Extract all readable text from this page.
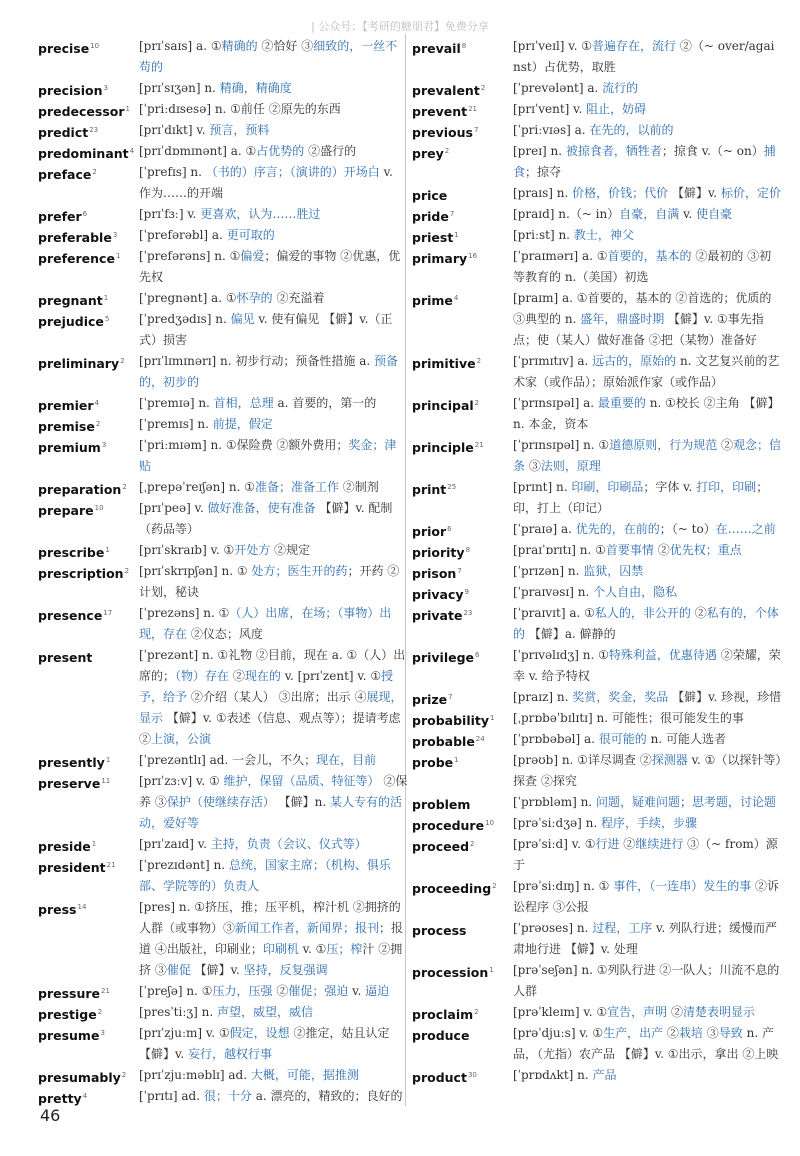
| 公众号：【考研的糖朋君】免费分享
precise$^{10}$	[prɪˈsaɪs] a. ①精确的 ②恰好 ③细致的，一丝不苟的
precision$^3$	[prɪˈsɪʒən] n. 精确，精确度
predecessor$^1$ [ˈpriːdɪsesə] n. ①前任 ②原先的东西
predict$^{23}$	[prɪˈdɪkt] v. 预言，预料
predominant$^4$ [prɪˈdɒmɪnənt] a. ①占优势的 ②盛行的
preface$^2$	[ˈprefɪs] n. （书的）序言；（演讲的）开场白 v. 作为……的开端
prefer$^6$	[prɪˈfɜː] v. 更喜欢，认为……胜过
preferable$^3$	[ˈprefərəbl] a. 更可取的
preference$^1$	[ˈprefərəns] n. ①偏爱；偏爱的事物 ②优惠，优先权
pregnant$^1$	[ˈpregnənt] a. ①怀孕的 ②充溢着
prejudice$^5$	[ˈpredʒədɪs] n. 偏见 v. 使有偏见 【僻】v.（正式）损害
preliminary$^2$	[prɪˈlɪmɪnərɪ] n. 初步行动；预备性措施 a. 预备的，初步的
premier$^4$	[ˈpremɪə] n. 首相，总理 a. 首要的，第一的
premise$^2$	[ˈpremɪs] n. 前提，假定
premium$^3$	[ˈpriːmɪəm] n. ①保险费 ②额外费用；奖金；津贴
preparation$^2$	[ˌprepəˈreɪʃən] n. ①准备；准备工作 ②制剂
prepare$^{10}$	[prɪˈpeə] v. 做好准备，使有准备 【僻】v. 配制（药品等）
prescribe$^1$	[prɪˈskraɪb] v. ①开处方 ②规定
prescription$^2$ [prɪˈskrɪpʃən] n. ① 处方；医生开的药；开药 ②计划，秘诀
presence$^{17}$	[ˈprezəns] n. ①（人）出席，在场；（事物）出现，存在 ②仪态；风度
present	[ˈprezənt] n. ①礼物 ②目前，现在 a. ①（人）出席的；（物）存在 ②现在的 v. [prɪˈzent] v. ①授予，给予 ②介绍（某人） ③出席；出示 ④展现，显示 【僻】v. ①表述（信息、观点等）；提请考虑 ②上演，公演
presently$^1$	[ˈprezəntlɪ] ad. 一会儿，不久；现在，目前
preserve$^{11}$	[prɪˈzɜːv] v. ① 维护，保留（品质、特征等） ②保养 ③保护（使继续存活） 【僻】n. 某人专有的活动，爱好等
preside$^1$	[prɪˈzaɪd] v. 主持，负责（会议、仪式等）
president$^{21}$	[ˈprezɪdənt] n. 总统，国家主席；（机构、俱乐部、学院等的）负责人
press$^{14}$	[pres] n. ①挤压，推；压平机，榨汁机 ②拥挤的人群（或事物）③新闻工作者，新闻界；报刊；报道 ④出版社，印刷业；印刷机 v. ①压；榨汁 ②拥挤 ③催促 【僻】v. 坚持，反复强调
pressure$^{21}$	[ˈpreʃə] n. ①压力，压强 ②催促；强迫 v. 逼迫
prestige$^2$	[presˈtiːʒ] n. 声望，威望，威信
presume$^3$	[prɪˈzjuːm] v. ①假定，设想 ②推定，姑且认定 【僻】v. 妄行，越权行事
presumably$^2$	[prɪˈzjuːməblɪ] ad. 大概，可能，据推测
pretty$^4$	[ˈprɪtɪ] ad. 很；十分 a. 漂亮的，精致的；良好的
prevail$^8$	[prɪˈveɪl] v. ①普遍存在，流行 ②（~ over/against）占优势，取胜
prevalent$^2$	[ˈprevələnt] a. 流行的
prevent$^{21}$	[prɪˈvent] v. 阻止，妨碍
previous$^7$	[ˈpriːvɪəs] a. 在先的，以前的
prey$^2$	[preɪ] n. 被掠食者，牺牲者；掠食 v.（~ on）捕食；掠夺
price	[praɪs] n. 价格，价钱；代价 【僻】v. 标价，定价
pride$^7$	[praɪd] n.（~ in）自豪，自满 v. 使自豪
priest$^1$	[priːst] n. 教士，神父
primary$^{16}$	[ˈpraɪmərɪ] a. ①首要的，基本的 ②最初的 ③初等教育的 n.（美国）初选
prime$^4$	[praɪm] a. ①首要的，基本的 ②首选的；优质的 ③典型的 n. 盛年，鼎盛时期 【僻】v. ①事先指点；使（某人）做好准备 ②把（某物）准备好
primitive$^2$	[ˈprɪmɪtɪv] a. 远古的，原始的 n. 文艺复兴前的艺术家（或作品）；原始派作家（或作品）
principal$^2$	[ˈprɪnsɪpəl] a. 最重要的 n. ①校长 ②主角 【僻】n. 本金，资本
principle$^{21}$	[ˈprɪnsɪpəl] n. ①道德原则，行为规范 ②观念；信条 ③法则，原理
print$^{25}$	[prɪnt] n. 印刷，印刷品；字体 v. 打印，印刷；印，打上（印记）
prior$^6$	[ˈpraɪə] a. 优先的，在前的；（~ to）在……之前
priority$^8$	[praɪˈɒrɪtɪ] n. ①首要事情 ②优先权；重点
prison$^7$	[ˈprɪzən] n. 监狱，囚禁
privacy$^9$	[ˈpraɪvəsɪ] n. 个人自由，隐私
private$^{23}$	[ˈpraɪvɪt] a. ①私人的，非公开的 ②私有的，个体的 【僻】a. 僻静的
privilege$^6$	[ˈprɪvəlɪdʒ] n. ①特殊利益，优惠待遇 ②荣耀，荣幸 v. 给予特权
prize$^7$	[praɪz] n. 奖赏，奖金，奖品 【僻】v. 珍视，珍惜
probability$^1$	[ˌprɒbəˈbɪlɪtɪ] n. 可能性；很可能发生的事
probable$^{24}$	[ˈprɒbəbəl] a. 很可能的 n. 可能人选者
probe$^1$	[prəʊb] n. ①详尽调查 ②探测器 v. ①（以探针等）探查 ②探究
problem	[ˈprɒbləm] n. 问题，疑难问题；思考题，讨论题
procedure$^{10}$	[prəˈsiːdʒə] n. 程序，手续，步骤
proceed$^2$	[prəˈsiːd] v. ①行进 ②继续进行 ③（~ from）源于
proceeding$^2$	[prəˈsiːdɪŋ] n. ① 事件，（一连串）发生的事 ②诉讼程序 ③公报
process	[ˈprəʊses] n. 过程，工序 v. 列队行进；缓慢而严肃地行进 【僻】v. 处理
procession$^1$	[prəˈseʃən] n. ①列队行进 ②一队人；川流不息的人群
proclaim$^2$	[prəˈkleɪm] v. ①宣告，声明 ②清楚表明显示
produce	[prəˈdjuːs] v. ①生产，出产 ②栽培 ③导致 n. 产品，（尤指）农产品 【僻】v. ①出示，拿出 ②上映
product$^{30}$	[ˈprɒdʌkt] n. 产品
46
